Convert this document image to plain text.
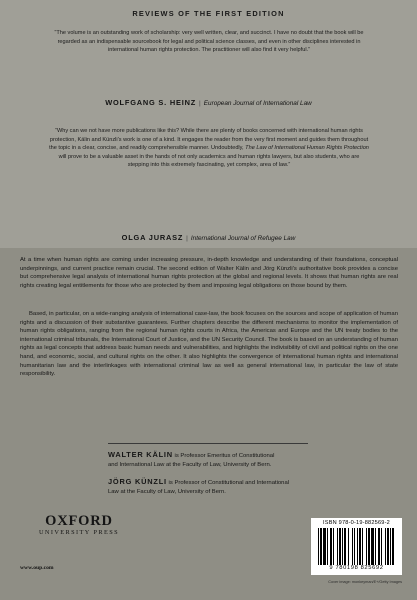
REVIEWS OF THE FIRST EDITION

“The volume is an outstanding work of scholarship: very well written, clear, and succinct. I have no doubt that the book will be regarded as an indispensable sourcebook for legal and political science classes, and even in other disciplines interested in international human rights protection. The practitioner will also find it very helpful.”

WOLFGANG S. HEINZ | European Journal of International Law

“Why can we not have more publications like this? While there are plenty of books concerned with international human rights protection, Kälin and Künzli’s work is one of a kind. It engages the reader from the very first moment and guides them throughout the topic in a clear, concise, and readily comprehensible manner. Undoubtedly, The Law of International Human Rights Protection will prove to be a valuable asset in the hands of not only academics and human rights lawyers, but also students, who are stepping into this extremely fascinating, yet complex, area of law.”

OLGA JURASZ | International Journal of Refugee Law

At a time when human rights are coming under increasing pressure, in-depth knowledge and understanding of their foundations, conceptual underpinnings, and current practice remain crucial. The second edition of Walter Kälin and Jörg Künzli’s authoritative book provides a concise but comprehensive legal analysis of international human rights protection at the global and regional levels. It shows that human rights are real rights creating legal entitlements for those who are protected by them and imposing legal obligations on those bound by them.

Based, in particular, on a wide-ranging analysis of international case-law, the book focuses on the sources and scope of application of human rights and a discussion of their substantive guarantees. Further chapters describe the different mechanisms to monitor the implementation of human rights obligations, ranging from the regional human rights courts in Africa, the Americas and Europe and the UN treaty bodies to the international criminal tribunals, the International Court of Justice, and the UN Security Council. The book is based on an understanding of human rights as legal concepts that address basic human needs and vulnerabilities, and highlights the indivisibility of civil and political rights on the one hand, and economic, social, and cultural rights on the other. It also highlights the convergence of international human rights and international humanitarian law and the interlinkages with international criminal law as well as general international law, in particular the law of state responsibility.

WALTER KÄLIN is Professor Emeritus of Constitutional
and International Law at the Faculty of Law, University of Bern.

JÖRG KÜNZLI is Professor of Constitutional and International
Law at the Faculty of Law, University of Bern.

OXFORD
UNIVERSITY PRESS
www.oup.com
ISBN 978-0-19-882569-2
9 780198 825692
Cover image: monkeyman/E+/Getty Images
